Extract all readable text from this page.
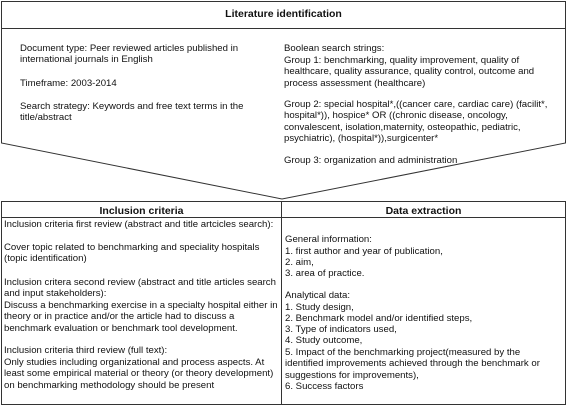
Literature identification
Document type: Peer reviewed articles published in international journals in English
Timeframe: 2003-2014
Search strategy: Keywords and free text terms in the title/abstract
Boolean search strings:
Group 1: benchmarking, quality improvement, quality of healthcare, quality assurance, quality control, outcome and process assessment (healthcare)
Group 2: special hospital*,((cancer care, cardiac care) (facilit*, hospital*)), hospice* OR ((chronic disease, oncology, convalescent, isolation,maternity, osteopathic, pediatric, psychiatric), (hospital*)),surgicenter*
Group 3: organization and administration
Inclusion criteria	Data extraction
Inclusion criteria first review (abstract and title artcicles search):
Cover topic related to benchmarking and speciality hospitals (topic identification)
Inclusion critera second review (abstract and title articles search and input stakeholders):
Discuss a benchmarking exercise in a specialty hospital either in theory or in practice and/or the article had to discuss a benchmark evaluation or benchmark tool development.
Inclusion criteria third review (full text):
Only studies including organizational and process aspects. At least some empirical material or theory (or theory development) on benchmarking methodology should be present
General information:
1. first author and year of publication,
2. aim,
3. area of practice.
Analytical data:
1. Study design,
2. Benchmark model and/or identified steps,
3. Type of indicators used,
4. Study outcome,
5. Impact of the benchmarking project(measured by the identified improvements achieved through the benchmark or suggestions for improvements),
6. Success factors
